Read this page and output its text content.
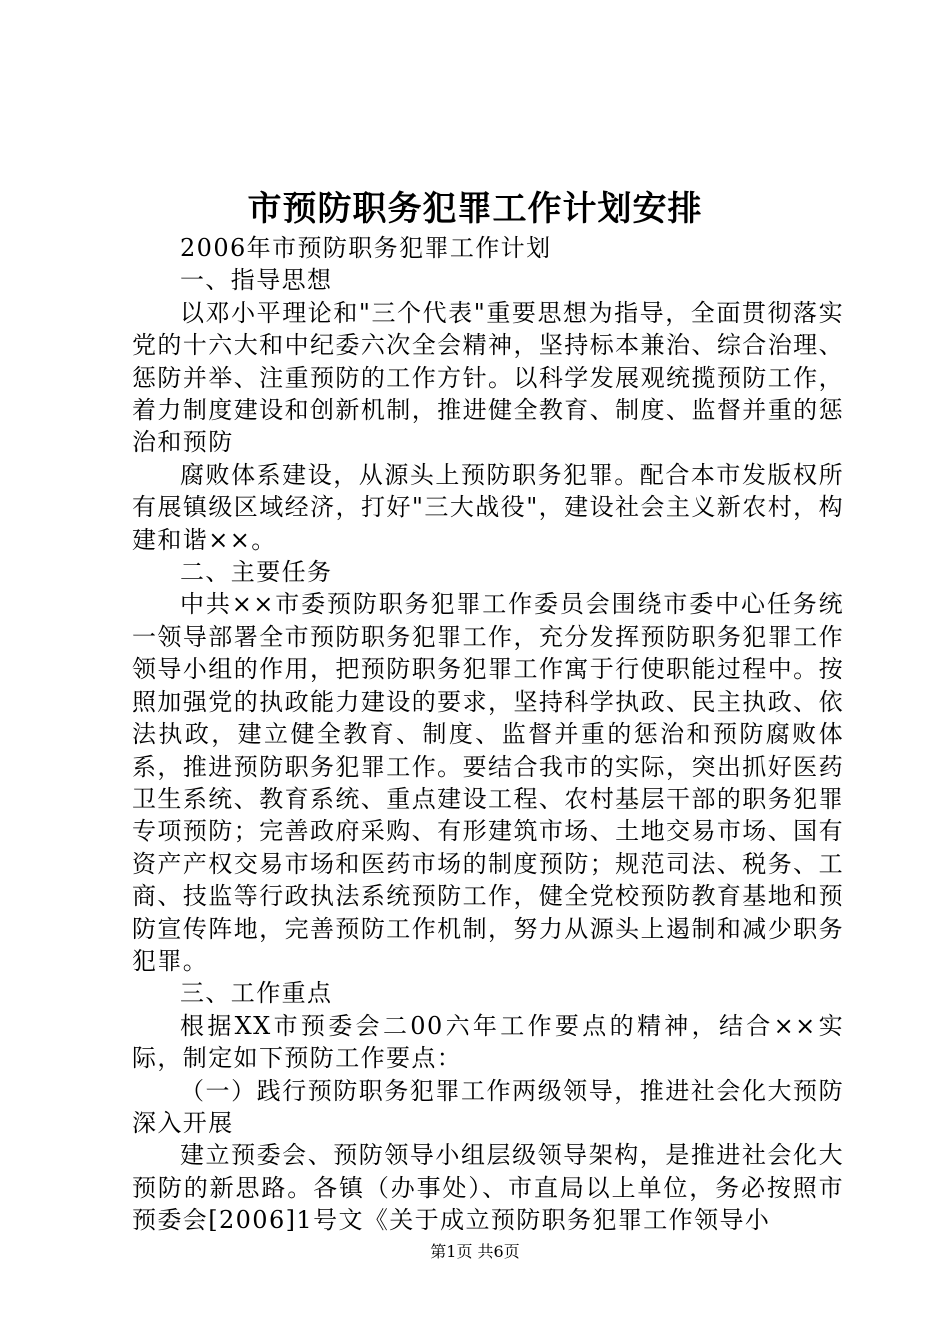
市预防职务犯罪工作计划安排

2006年市预防职务犯罪工作计划

一、指导思想

以邓小平理论和"三个代表"重要思想为指导，全面贯彻落实党的十六大和中纪委六次全会精神，坚持标本兼治、综合治理、惩防并举、注重预防的工作方针。以科学发展观统揽预防工作，着力制度建设和创新机制，推进健全教育、制度、监督并重的惩治和预防

腐败体系建设，从源头上预防职务犯罪。配合本市发版权所有展镇级区域经济，打好"三大战役"，建设社会主义新农村，构建和谐××。

二、主要任务

中共××市委预防职务犯罪工作委员会围绕市委中心任务统一领导部署全市预防职务犯罪工作，充分发挥预防职务犯罪工作领导小组的作用，把预防职务犯罪工作寓于行使职能过程中。按照加强党的执政能力建设的要求，坚持科学执政、民主执政、依法执政，建立健全教育、制度、监督并重的惩治和预防腐败体系，推进预防职务犯罪工作。要结合我市的实际，突出抓好医药卫生系统、教育系统、重点建设工程、农村基层干部的职务犯罪专项预防；完善政府采购、有形建筑市场、土地交易市场、国有资产产权交易市场和医药市场的制度预防；规范司法、税务、工商、技监等行政执法系统预防工作，健全党校预防教育基地和预防宣传阵地，完善预防工作机制，努力从源头上遏制和减少职务犯罪。

三、工作重点

根据XX市预委会二00六年工作要点的精神，结合××实际，制定如下预防工作要点：

（一）践行预防职务犯罪工作两级领导，推进社会化大预防深入开展

建立预委会、预防领导小组层级领导架构，是推进社会化大预防的新思路。各镇（办事处）、市直局以上单位，务必按照市预委会[2006]1号文《关于成立预防职务犯罪工作领导小

第1页 共6页
